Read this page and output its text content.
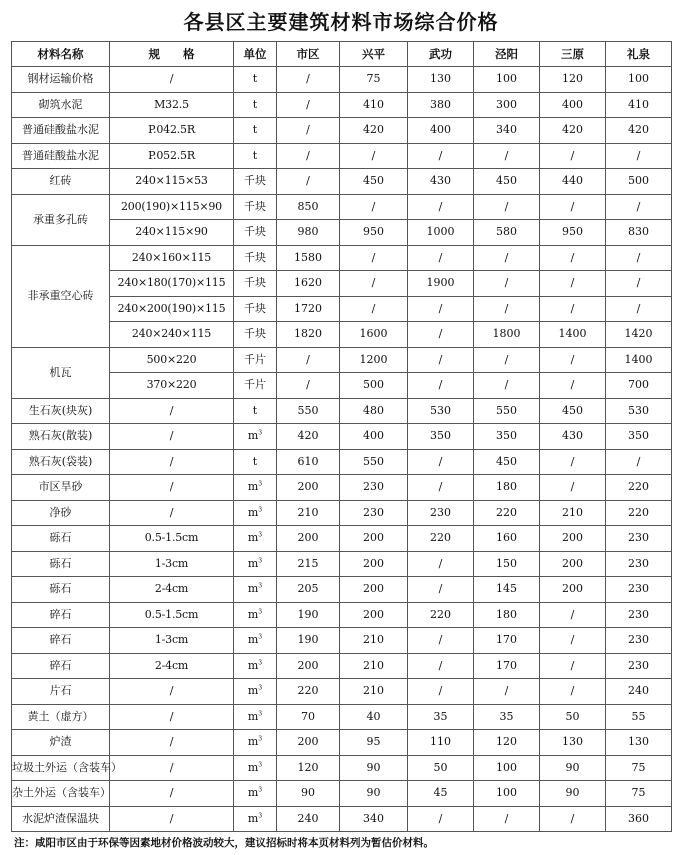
各县区主要建筑材料市场综合价格
材料名称	规　　格	单位	市区	兴平	武功	泾阳	三原	礼泉
钢材运输价格	/	t	/	75	130	100	120	100
砌筑水泥	M32.5	t	/	410	380	300	400	410
普通硅酸盐水泥	P.042.5R	t	/	420	400	340	420	420
普通硅酸盐水泥	P.052.5R	t	/	/	/	/	/	/
红砖	240×115×53	千块	/	450	430	450	440	500
承重多孔砖	200(190)×115×90	千块	850	/	/	/	/	/
	240×115×90	千块	980	950	1000	580	950	830
非承重空心砖	240×160×115	千块	1580	/	/	/	/	/
	240×180(170)×115	千块	1620	/	1900	/	/	/
	240×200(190)×115	千块	1720	/	/	/	/	/
	240×240×115	千块	1820	1600	/	1800	1400	1420
机瓦	500×220	千片	/	1200	/	/	/	1400
	370×220	千片	/	500	/	/	/	700
生石灰(块灰)	/	t	550	480	530	550	450	530
熟石灰(散装)	/	$m^3$	420	400	350	350	430	350
熟石灰(袋装)	/	t	610	550	/	450	/	/
市区旱砂	/	$m^3$	200	230	/	180	/	220
净砂	/	$m^3$	210	230	230	220	210	220
砾石	0.5-1.5cm	$m^3$	200	200	220	160	200	230
砾石	1-3cm	$m^3$	215	200	/	150	200	230
砾石	2-4cm	$m^3$	205	200	/	145	200	230
碎石	0.5-1.5cm	$m^3$	190	200	220	180	/	230
碎石	1-3cm	$m^3$	190	210	/	170	/	230
碎石	2-4cm	$m^3$	200	210	/	170	/	230
片石	/	$m^3$	220	210	/	/	/	240
黄土（虚方）	/	$m^3$	70	40	35	35	50	55
炉渣	/	$m^3$	200	95	110	120	130	130
垃圾土外运（含装车）	/	$m^3$	120	90	50	100	90	75
杂土外运（含装车）	/	$m^3$	90	90	45	100	90	75
水泥炉渣保温块	/	$m^3$	240	340	/	/	/	360
注：咸阳市区由于环保等因素地材价格波动较大，建议招标时将本页材料列为暂估价材料。
